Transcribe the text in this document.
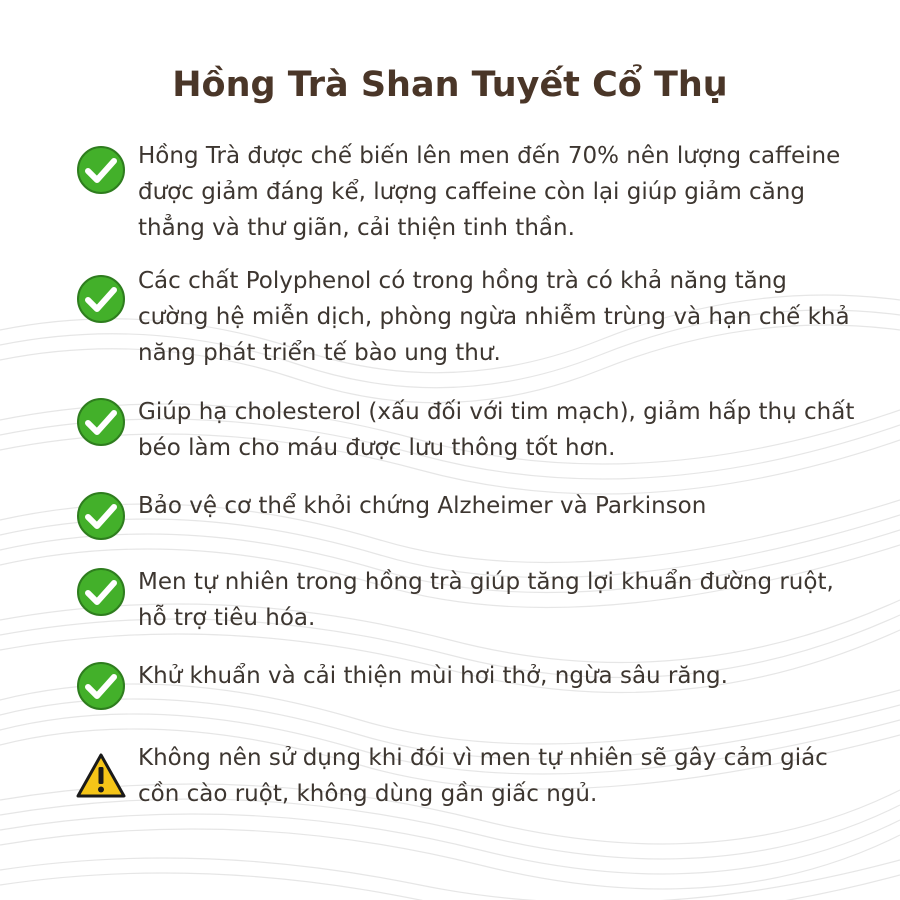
Hồng Trà Shan Tuyết Cổ Thụ

Hồng Trà được chế biến lên men đến 70% nên lượng caffeine được giảm đáng kể, lượng caffeine còn lại giúp giảm căng thẳng và thư giãn, cải thiện tinh thần.

Các chất Polyphenol có trong hồng trà có khả năng tăng cường hệ miễn dịch, phòng ngừa nhiễm trùng và hạn chế khả năng phát triển tế bào ung thư.

Giúp hạ cholesterol (xấu đối với tim mạch), giảm hấp thụ chất béo làm cho máu được lưu thông tốt hơn.

Bảo vệ cơ thể khỏi chứng Alzheimer và Parkinson

Men tự nhiên trong hồng trà giúp tăng lợi khuẩn đường ruột, hỗ trợ tiêu hóa.

Khử khuẩn và cải thiện mùi hơi thở, ngừa sâu răng.

Không nên sử dụng khi đói vì men tự nhiên sẽ gây cảm giác cồn cào ruột, không dùng gần giấc ngủ.
